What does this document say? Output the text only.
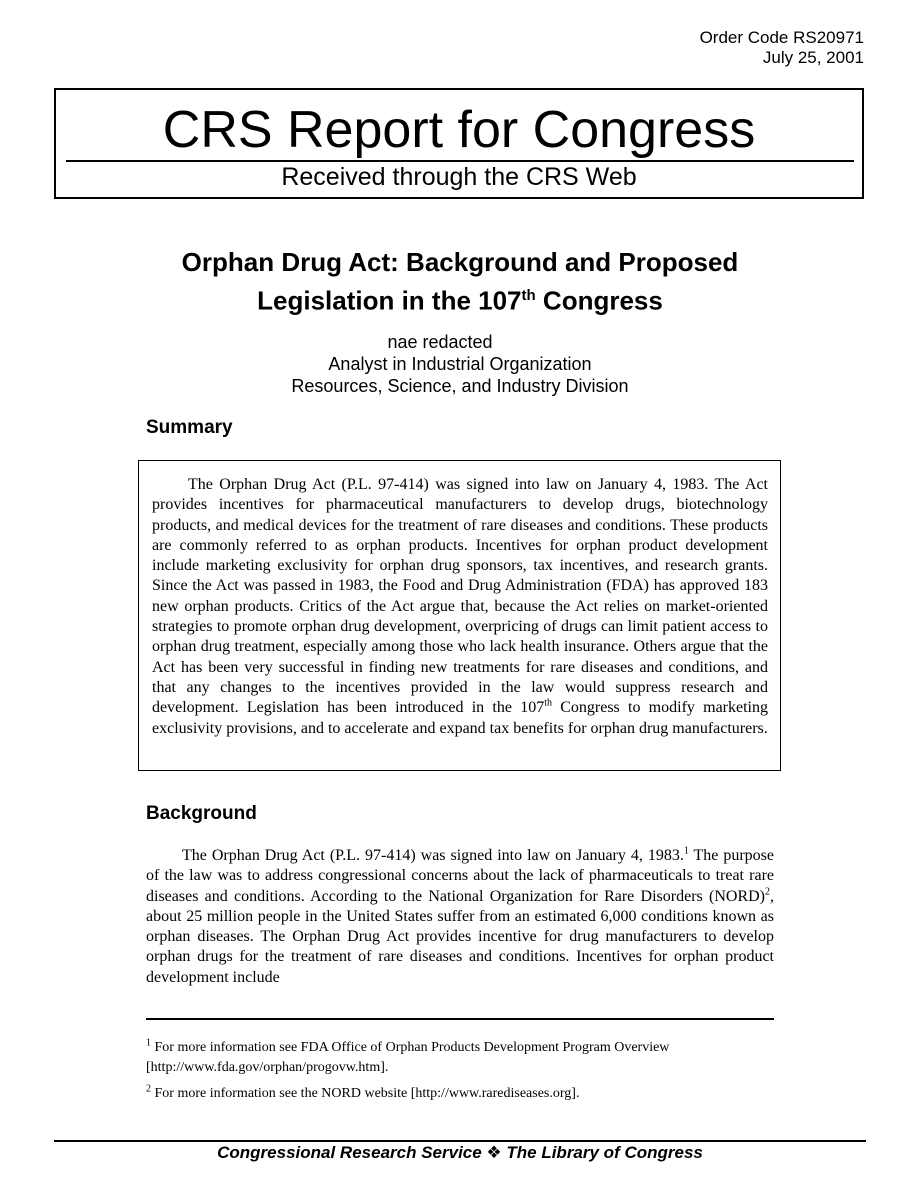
Order Code RS20971
July 25, 2001
CRS Report for Congress
Received through the CRS Web
Orphan Drug Act: Background and Proposed
Legislation in the 107th Congress
nae redacted
Analyst in Industrial Organization
Resources, Science, and Industry Division
Summary

The Orphan Drug Act (P.L. 97-414) was signed into law on January 4, 1983. The Act provides incentives for pharmaceutical manufacturers to develop drugs, biotechnology products, and medical devices for the treatment of rare diseases and conditions. These products are commonly referred to as orphan products. Incentives for orphan product development include marketing exclusivity for orphan drug sponsors, tax incentives, and research grants. Since the Act was passed in 1983, the Food and Drug Administration (FDA) has approved 183 new orphan products. Critics of the Act argue that, because the Act relies on market-oriented strategies to promote orphan drug development, overpricing of drugs can limit patient access to orphan drug treatment, especially among those who lack health insurance. Others argue that the Act has been very successful in finding new treatments for rare diseases and conditions, and that any changes to the incentives provided in the law would suppress research and development. Legislation has been introduced in the 107th Congress to modify marketing exclusivity provisions, and to accelerate and expand tax benefits for orphan drug manufacturers.

Background

The Orphan Drug Act (P.L. 97-414) was signed into law on January 4, 1983.$^1$ The purpose of the law was to address congressional concerns about the lack of pharmaceuticals to treat rare diseases and conditions. According to the National Organization for Rare Disorders (NORD)$^2$, about 25 million people in the United States suffer from an estimated 6,000 conditions known as orphan diseases. The Orphan Drug Act provides incentive for drug manufacturers to develop orphan drugs for the treatment of rare diseases and conditions. Incentives for orphan product development include

$^1$ For more information see FDA Office of Orphan Products Development Program Overview [http://www.fda.gov/orphan/progovw.htm].

$^2$ For more information see the NORD website [http://www.rarediseases.org].

Congressional Research Service ❖ The Library of Congress
